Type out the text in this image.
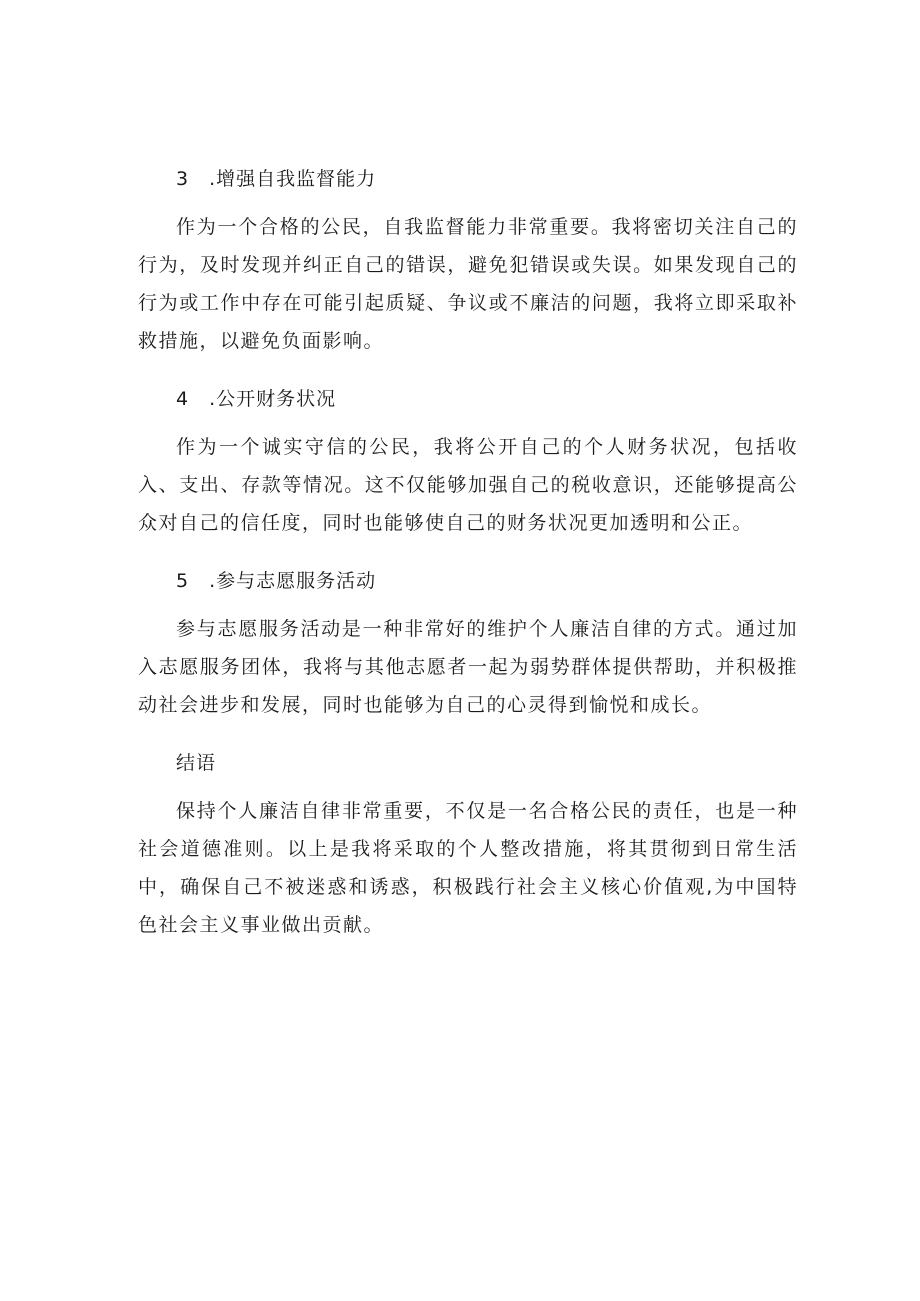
3　.增强自我监督能力

作为一个合格的公民，自我监督能力非常重要。我将密切关注自己的行为，及时发现并纠正自己的错误，避免犯错误或失误。如果发现自己的行为或工作中存在可能引起质疑、争议或不廉洁的问题，我将立即采取补救措施，以避免负面影响。

4　.公开财务状况

作为一个诚实守信的公民，我将公开自己的个人财务状况，包括收入、支出、存款等情况。这不仅能够加强自己的税收意识，还能够提高公众对自己的信任度，同时也能够使自己的财务状况更加透明和公正。

5　.参与志愿服务活动

参与志愿服务活动是一种非常好的维护个人廉洁自律的方式。通过加入志愿服务团体，我将与其他志愿者一起为弱势群体提供帮助，并积极推动社会进步和发展，同时也能够为自己的心灵得到愉悦和成长。

结语

保持个人廉洁自律非常重要，不仅是一名合格公民的责任，也是一种社会道德准则。以上是我将采取的个人整改措施，将其贯彻到日常生活中，确保自己不被迷惑和诱惑，积极践行社会主义核心价值观,为中国特色社会主义事业做出贡献。
